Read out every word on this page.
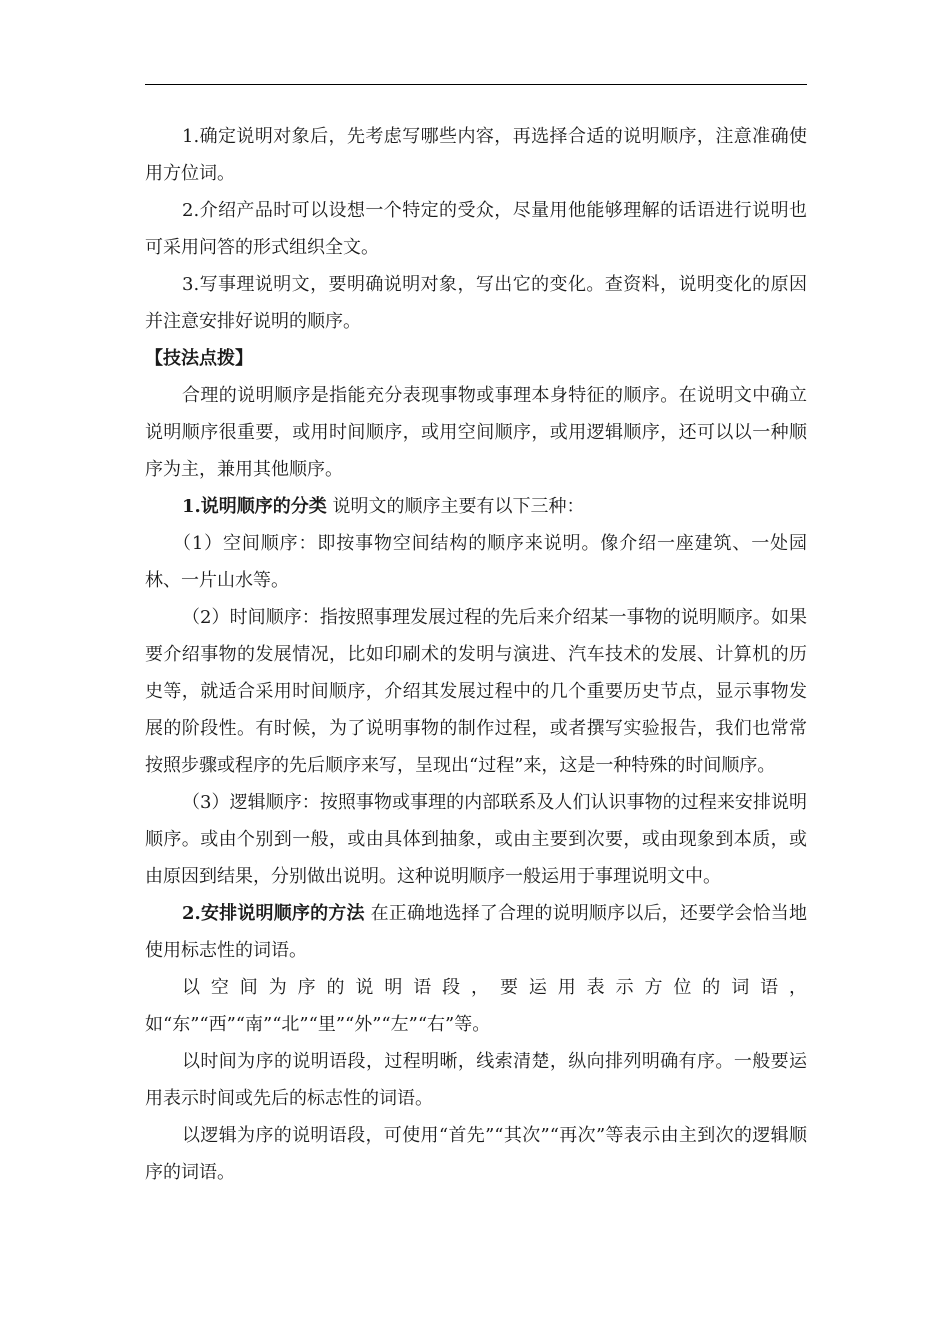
1.确定说明对象后，先考虑写哪些内容，再选择合适的说明顺序，注意准确使用方位词。

2.介绍产品时可以设想一个特定的受众，尽量用他能够理解的话语进行说明也可采用问答的形式组织全文。

3.写事理说明文，要明确说明对象，写出它的变化。查资料，说明变化的原因并注意安排好说明的顺序。

【技法点拨】

合理的说明顺序是指能充分表现事物或事理本身特征的顺序。在说明文中确立说明顺序很重要，或用时间顺序，或用空间顺序，或用逻辑顺序，还可以以一种顺序为主，兼用其他顺序。

1.说明顺序的分类 说明文的顺序主要有以下三种：

（1）空间顺序：即按事物空间结构的顺序来说明。像介绍一座建筑、一处园林、一片山水等。

（2）时间顺序：指按照事理发展过程的先后来介绍某一事物的说明顺序。如果要介绍事物的发展情况，比如印刷术的发明与演进、汽车技术的发展、计算机的历史等，就适合采用时间顺序，介绍其发展过程中的几个重要历史节点，显示事物发展的阶段性。有时候，为了说明事物的制作过程，或者撰写实验报告，我们也常常按照步骤或程序的先后顺序来写，呈现出“过程”来，这是一种特殊的时间顺序。

（3）逻辑顺序：按照事物或事理的内部联系及人们认识事物的过程来安排说明顺序。或由个别到一般，或由具体到抽象，或由主要到次要，或由现象到本质，或由原因到结果，分别做出说明。这种说明顺序一般运用于事理说明文中。

2.安排说明顺序的方法 在正确地选择了合理的说明顺序以后，还要学会恰当地使用标志性的词语。

以空间为序的说明语段，要运用表示方位的词语，如“东”“西”“南”“北”“里”“外”“左”“右”等。

以时间为序的说明语段，过程明晰，线索清楚，纵向排列明确有序。一般要运用表示时间或先后的标志性的词语。

以逻辑为序的说明语段，可使用“首先”“其次”“再次”等表示由主到次的逻辑顺序的词语。
